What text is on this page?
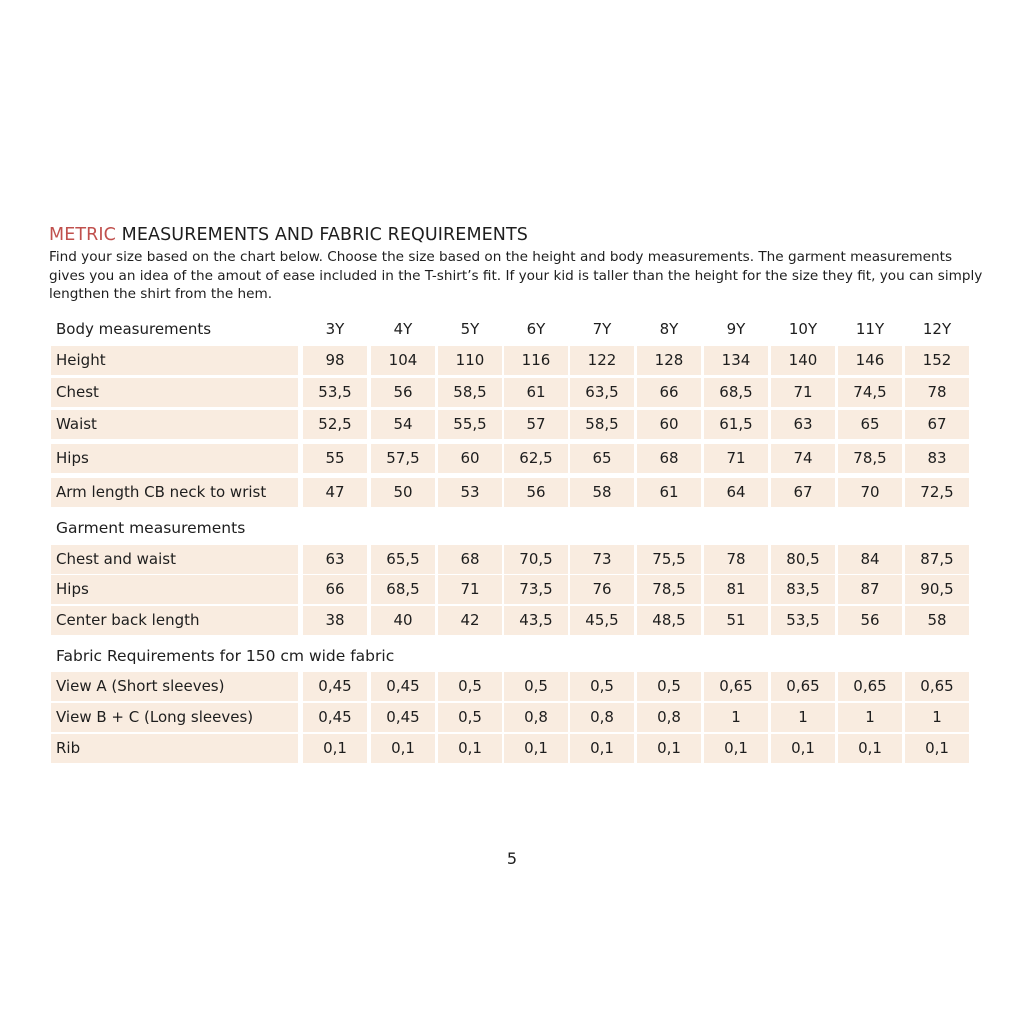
METRIC MEASUREMENTS AND FABRIC REQUIREMENTS
Find your size based on the chart below. Choose the size based on the height and body measurements. The garment measurements gives you an idea of the amout of ease included in the T-shirt’s fit. If your kid is taller than the height for the size they fit, you can simply lengthen the shirt from the hem.
Body measurements	3Y	4Y	5Y	6Y	7Y	8Y	9Y	10Y	11Y	12Y
Height	98	104	110	116	122	128	134	140	146	152
Chest	53,5	56	58,5	61	63,5	66	68,5	71	74,5	78
Waist	52,5	54	55,5	57	58,5	60	61,5	63	65	67
Hips	55	57,5	60	62,5	65	68	71	74	78,5	83
Arm length CB neck to wrist	47	50	53	56	58	61	64	67	70	72,5
Garment measurements
Chest and waist	63	65,5	68	70,5	73	75,5	78	80,5	84	87,5
Hips	66	68,5	71	73,5	76	78,5	81	83,5	87	90,5
Center back length	38	40	42	43,5	45,5	48,5	51	53,5	56	58
Fabric Requirements for 150 cm wide fabric
View A (Short sleeves)	0,45	0,45	0,5	0,5	0,5	0,5	0,65	0,65	0,65	0,65
View B + C (Long sleeves)	0,45	0,45	0,5	0,8	0,8	0,8	1	1	1	1
Rib	0,1	0,1	0,1	0,1	0,1	0,1	0,1	0,1	0,1	0,1
5
